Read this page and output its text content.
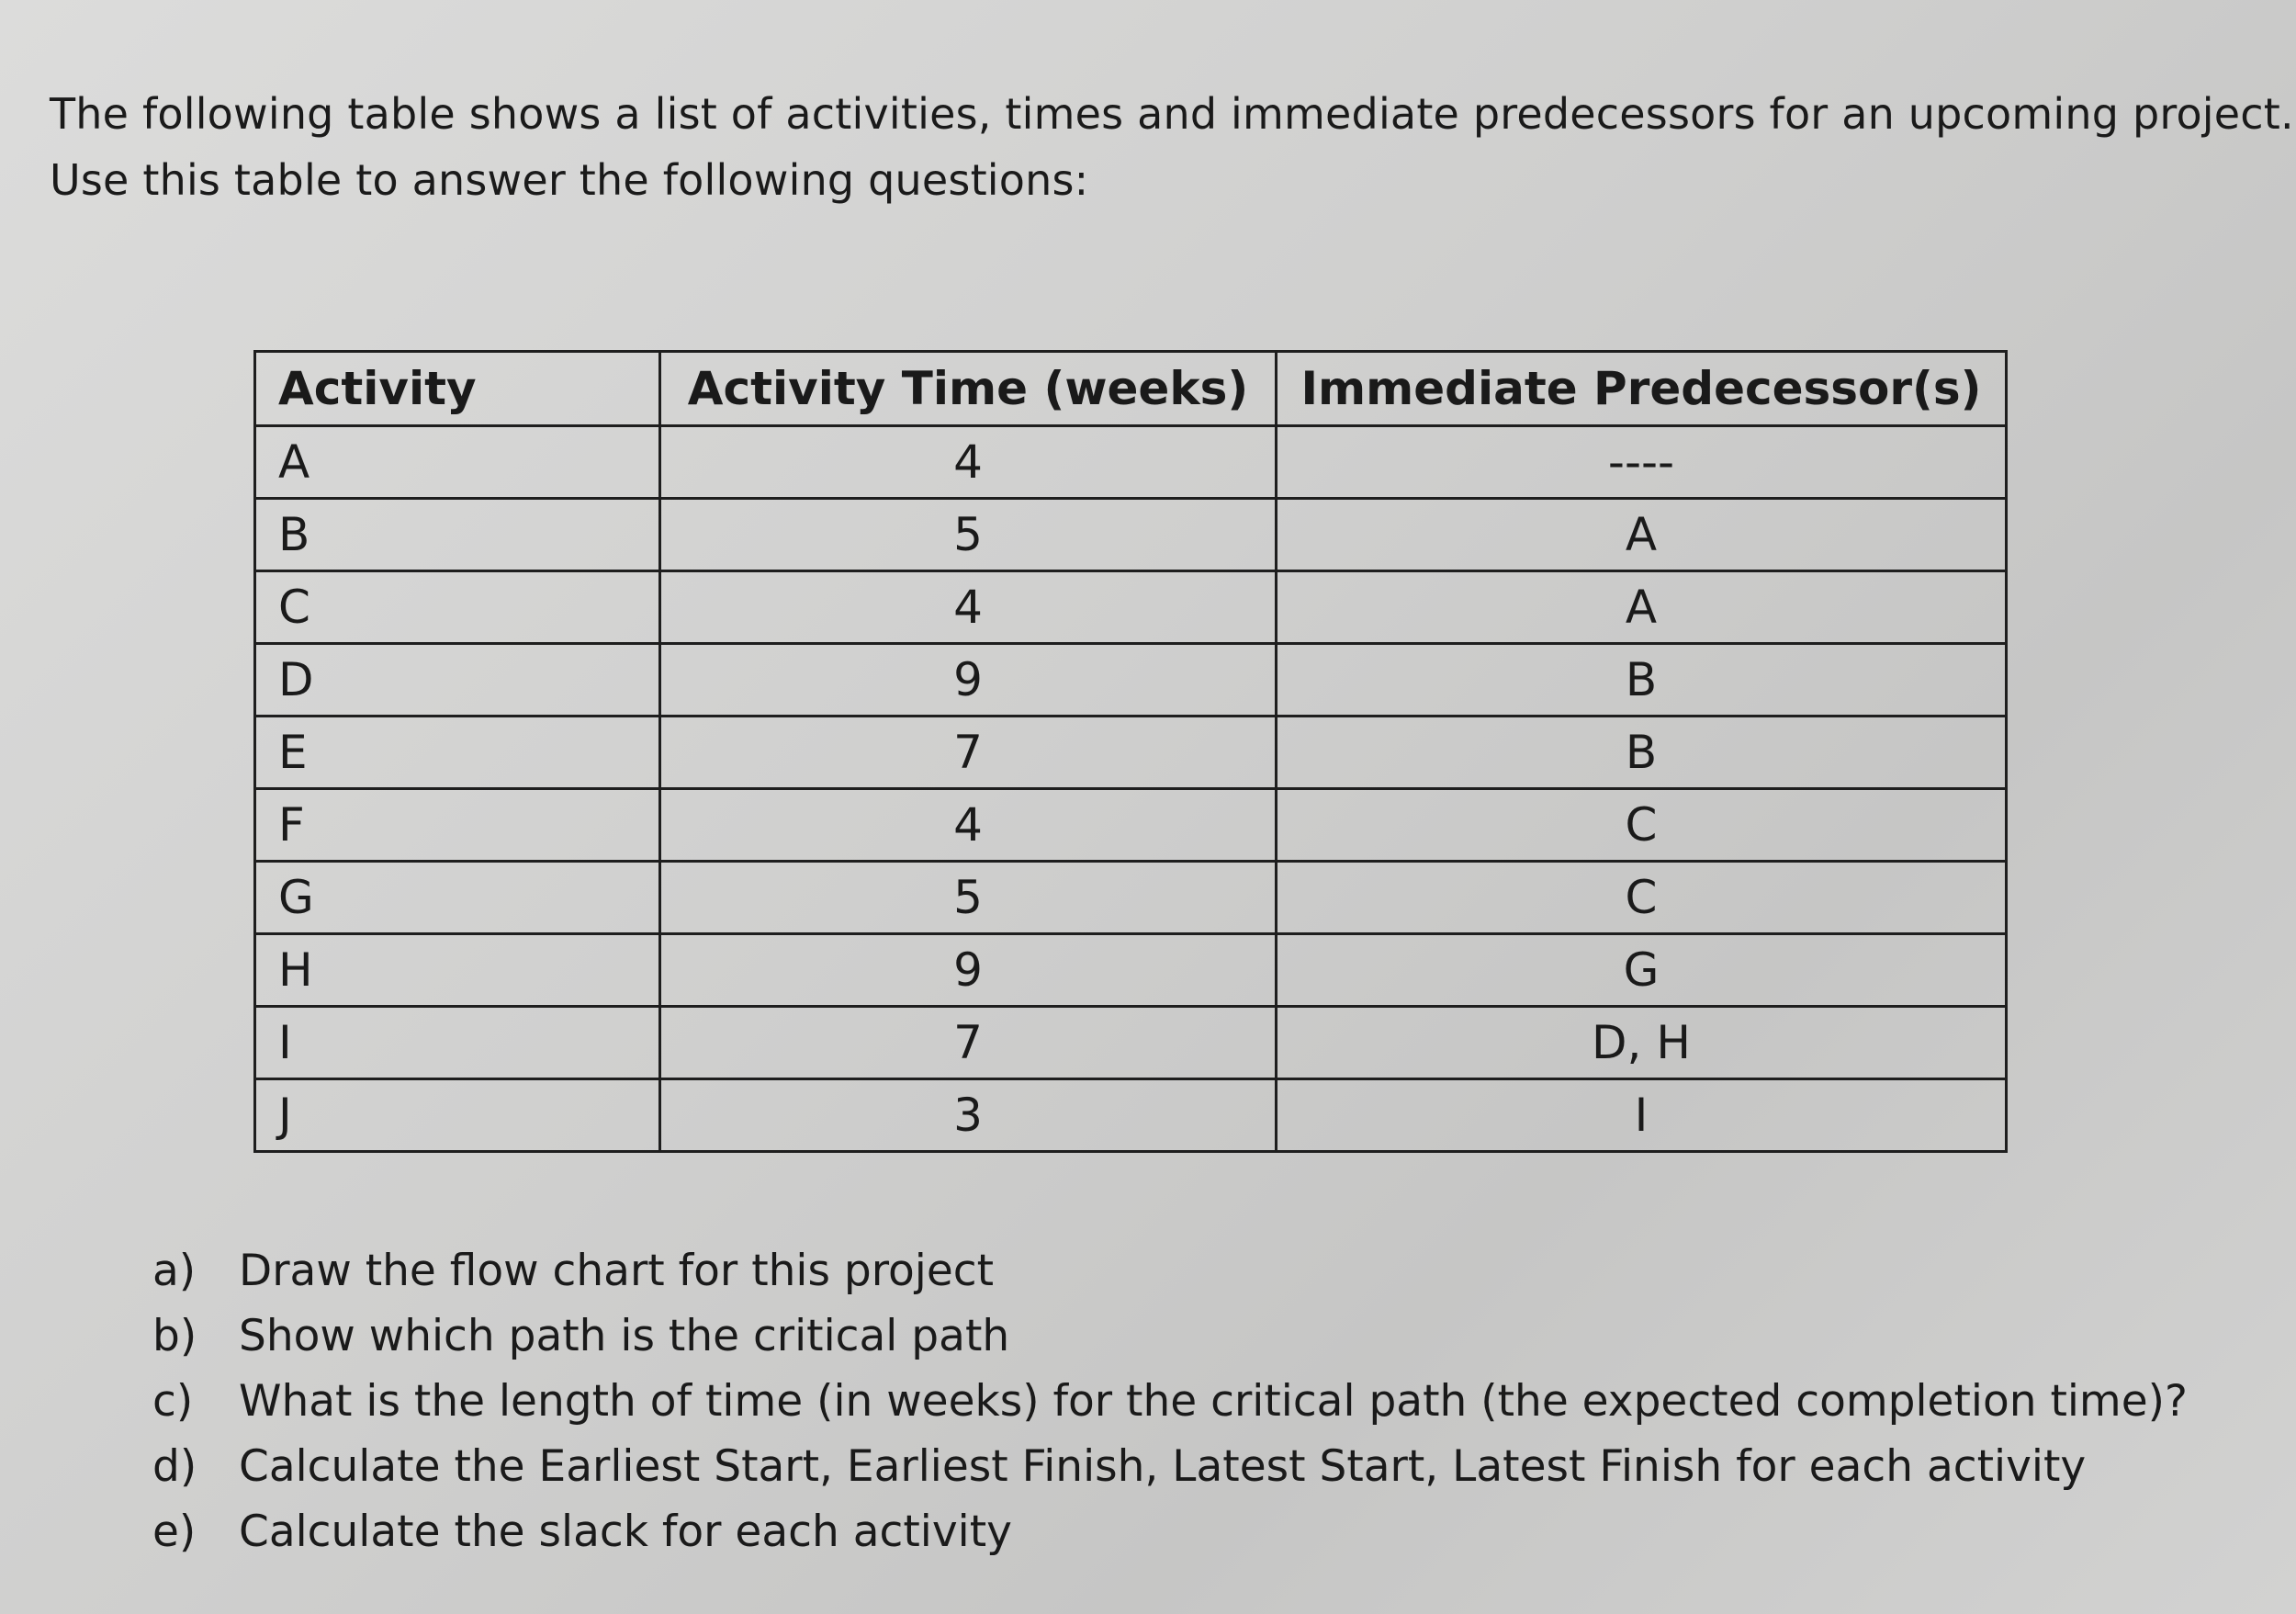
The following table shows a list of activities, times and immediate predecessors for an upcoming project.

Use this table to answer the following questions:

Activity	Activity Time (weeks)	Immediate Predecessor(s)
A	4	----
B	5	A
C	4	A
D	9	B
E	7	B
F	4	C
G	5	C
H	9	G
I	7	D, H
J	3	I
a) Draw the flow chart for this project
b) Show which path is the critical path
c)	What is the length of time (in weeks) for the critical path (the expected completion time)?
d) Calculate the Earliest Start, Earliest Finish, Latest Start, Latest Finish for each activity
e) Calculate the slack for each activity
